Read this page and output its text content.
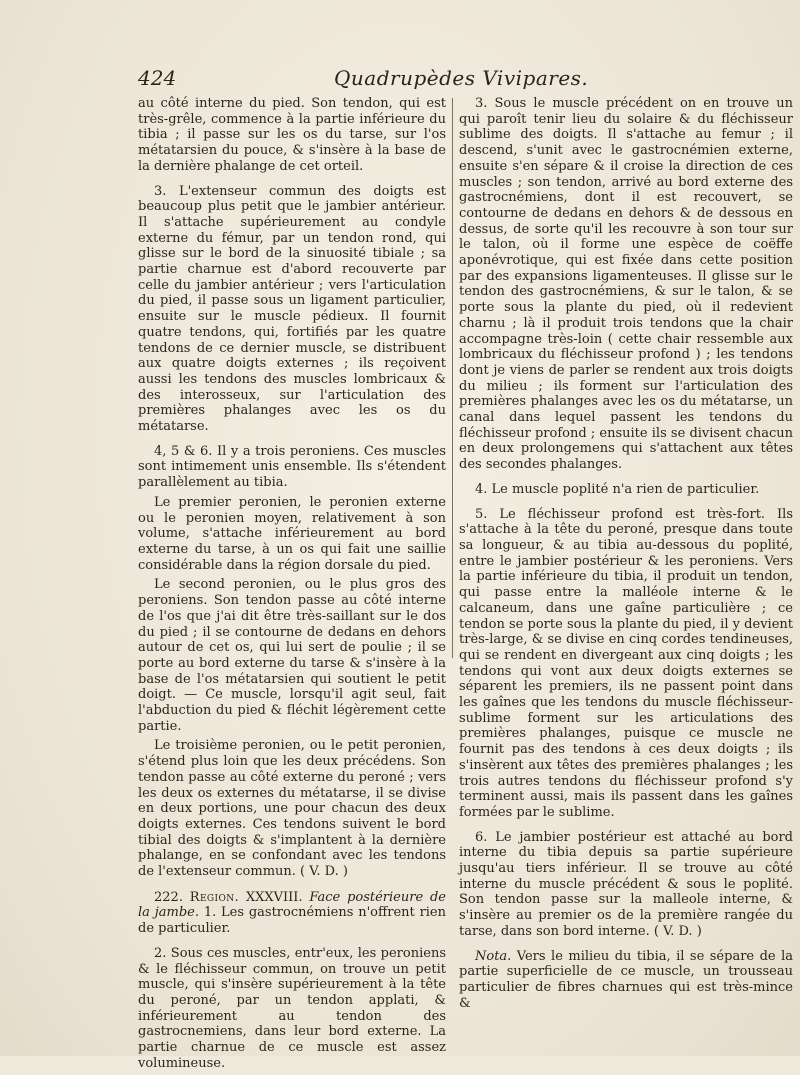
424	Quadrupèdes Vivipares.

au côté interne du pied. Son tendon, qui est très-grêle, commence à la partie inférieure du tibia ; il passe sur les os du tarse, sur l'os métatarsien du pouce, & s'insère à la base de la dernière phalange de cet orteil.

3. L'extenseur commun des doigts est beaucoup plus petit que le jambier antérieur. Il s'attache supérieurement au condyle externe du fémur, par un tendon rond, qui glisse sur le bord de la sinuosité tibiale ; sa partie charnue est d'abord recouverte par celle du jambier antérieur ; vers l'articulation du pied, il passe sous un ligament particulier, ensuite sur le muscle pédieux. Il fournit quatre tendons, qui, fortifiés par les quatre tendons de ce dernier muscle, se distribuent aux quatre doigts externes ; ils reçoivent aussi les tendons des muscles lombricaux & des interosseux, sur l'articulation des premières phalanges avec les os du métatarse.

4, 5 & 6. Il y a trois peroniens. Ces muscles sont intimement unis ensemble. Ils s'étendent parallèlement au tibia.

Le premier peronien, le peronien externe ou le peronien moyen, relativement à son volume, s'attache inférieurement au bord externe du tarse, à un os qui fait une saillie considérable dans la région dorsale du pied.

Le second peronien, ou le plus gros des peroniens. Son tendon passe au côté interne de l'os que j'ai dit être très-saillant sur le dos du pied ; il se contourne de dedans en dehors autour de cet os, qui lui sert de poulie ; il se porte au bord externe du tarse & s'insère à la base de l'os métatarsien qui soutient le petit doigt. — Ce muscle, lorsqu'il agit seul, fait l'abduction du pied & fléchit légèrement cette partie.

Le troisième peronien, ou le petit peronien, s'étend plus loin que les deux précédens. Son tendon passe au côté externe du peroné ; vers les deux os externes du métatarse, il se divise en deux portions, une pour chacun des deux doigts externes. Ces tendons suivent le bord tibial des doigts & s'implantent à la dernière phalange, en se confondant avec les tendons de l'extenseur commun. ( V. D. )

222. Region. XXXVIII. Face postérieure de la jambe. 1. Les gastrocnémiens n'offrent rien de particulier.

2. Sous ces muscles, entr'eux, les peroniens & le fléchisseur commun, on trouve un petit muscle, qui s'insère supérieurement à la tête du peroné, par un tendon applati, & inférieurement au tendon des gastrocnemiens, dans leur bord externe. La partie charnue de ce muscle est assez volumineuse.

3. Sous le muscle précédent on en trouve un qui paroît tenir lieu du solaire & du fléchisseur sublime des doigts. Il s'attache au femur ; il descend, s'unit avec le gastrocnémien externe, ensuite s'en sépare & il croise la direction de ces muscles ; son tendon, arrivé au bord externe des gastrocnémiens, dont il est recouvert, se contourne de dedans en dehors & de dessous en dessus, de sorte qu'il les recouvre à son tour sur le talon, où il forme une espèce de coëffe aponévrotique, qui est fixée dans cette position par des expansions ligamenteuses. Il glisse sur le tendon des gastrocnémiens, & sur le talon, & se porte sous la plante du pied, où il redevient charnu ; là il produit trois tendons que la chair accompagne très-loin ( cette chair ressemble aux lombricaux du fléchisseur profond ) ; les tendons dont je viens de parler se rendent aux trois doigts du milieu ; ils forment sur l'articulation des premières phalanges avec les os du métatarse, un canal dans lequel passent les tendons du fléchisseur profond ; ensuite ils se divisent chacun en deux prolongemens qui s'attachent aux têtes des secondes phalanges.

4. Le muscle poplité n'a rien de particulier.

5. Le fléchisseur profond est très-fort. Ils s'attache à la tête du peroné, presque dans toute sa longueur, & au tibia au-dessous du poplité, entre le jambier postérieur & les peroniens. Vers la partie inférieure du tibia, il produit un tendon, qui passe entre la malléole interne & le calcaneum, dans une gaîne particulière ; ce tendon se porte sous la plante du pied, il y devient très-large, & se divise en cinq cordes tendineuses, qui se rendent en divergeant aux cinq doigts ; les tendons qui vont aux deux doigts externes se séparent les premiers, ils ne passent point dans les gaînes que les tendons du muscle fléchisseur-sublime forment sur les articulations des premières phalanges, puisque ce muscle ne fournit pas des tendons à ces deux doigts ; ils s'insèrent aux têtes des premières phalanges ; les trois autres tendons du fléchisseur profond s'y terminent aussi, mais ils passent dans les gaînes formées par le sublime.

6. Le jambier postérieur est attaché au bord interne du tibia depuis sa partie supérieure jusqu'au tiers inférieur. Il se trouve au côté interne du muscle précédent & sous le poplité. Son tendon passe sur la malleole interne, & s'insère au premier os de la première rangée du tarse, dans son bord interne. ( V. D. )

Nota. Vers le milieu du tibia, il se sépare de la partie superficielle de ce muscle, un trousseau particulier de fibres charnues qui est très-mince &
